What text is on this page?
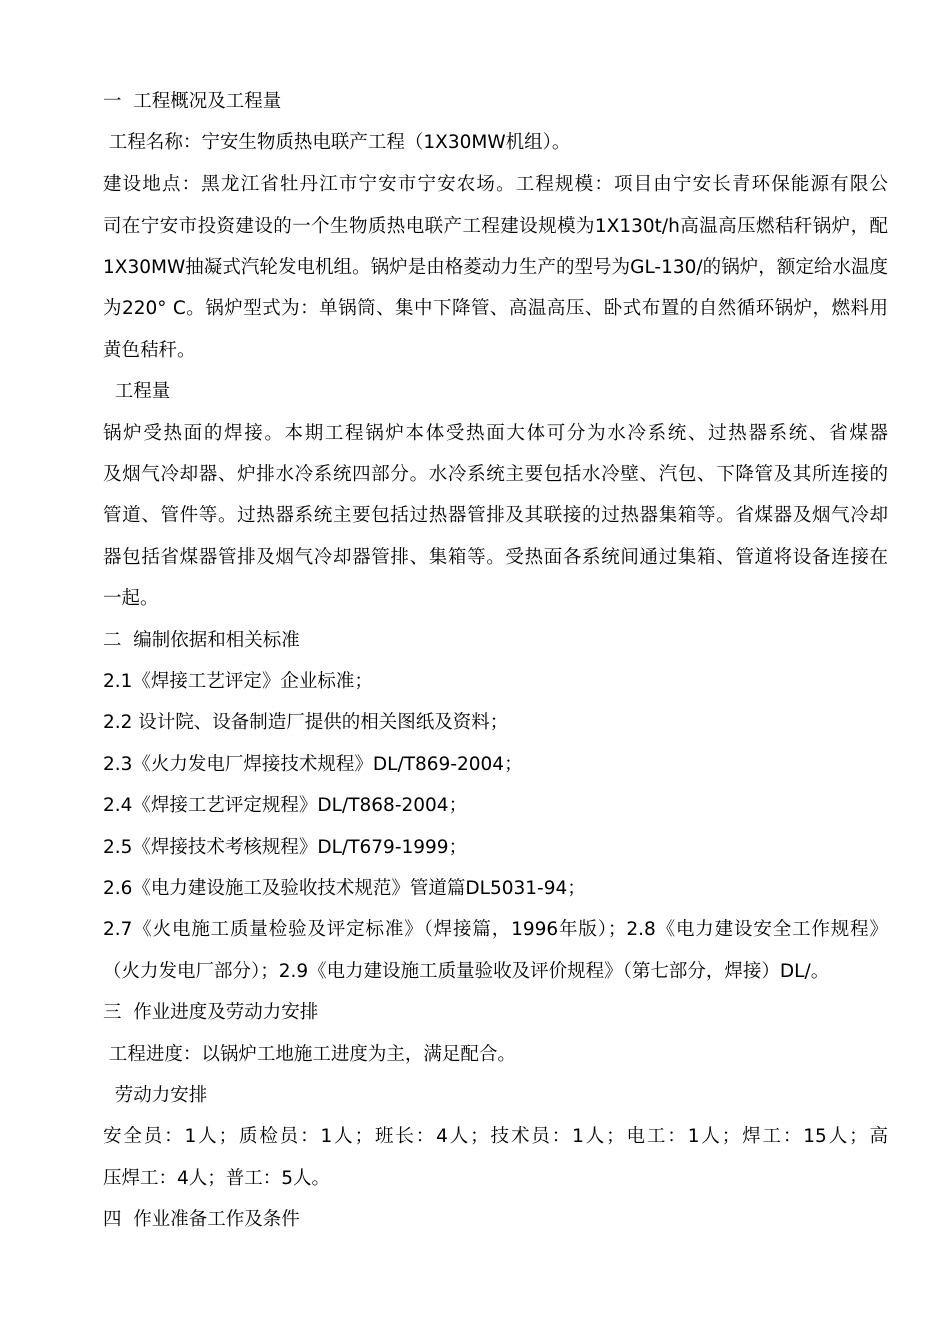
一  工程概况及工程量
工程名称：宁安生物质热电联产工程（1X30MW机组）。
建设地点：黑龙江省牡丹江市宁安市宁安农场。工程规模：项目由宁安长青环保能源有限公
司在宁安市投资建设的一个生物质热电联产工程建设规模为1X130t/h高温高压燃秸秆锅炉，配
1X30MW抽凝式汽轮发电机组。锅炉是由格菱动力生产的型号为GL-130/的锅炉，额定给水温度
为220° C。锅炉型式为：单锅筒、集中下降管、高温高压、卧式布置的自然循环锅炉，燃料用
黄色秸秆。
工程量
锅炉受热面的焊接。本期工程锅炉本体受热面大体可分为水冷系统、过热器系统、省煤器
及烟气冷却器、炉排水冷系统四部分。水冷系统主要包括水冷壁、汽包、下降管及其所连接的
管道、管件等。过热器系统主要包括过热器管排及其联接的过热器集箱等。省煤器及烟气冷却
器包括省煤器管排及烟气冷却器管排、集箱等。受热面各系统间通过集箱、管道将设备连接在
一起。
二  编制依据和相关标准
2.1《焊接工艺评定》企业标准；
2.2 设计院、设备制造厂提供的相关图纸及资料；
2.3《火力发电厂焊接技术规程》DL/T869-2004；
2.4《焊接工艺评定规程》DL/T868-2004；
2.5《焊接技术考核规程》DL/T679-1999；
2.6《电力建设施工及验收技术规范》管道篇DL5031-94；
2.7《火电施工质量检验及评定标准》（焊接篇，1996年版）；2.8《电力建设安全工作规程》
（火力发电厂部分）；2.9《电力建设施工质量验收及评价规程》（第七部分，焊接）DL/。
三  作业进度及劳动力安排
工程进度：以锅炉工地施工进度为主，满足配合。
劳动力安排
安全员：1人；质检员：1人；班长：4人；技术员：1人；电工：1人；焊工：15人；高
压焊工：4人；普工：5人。
四  作业准备工作及条件
